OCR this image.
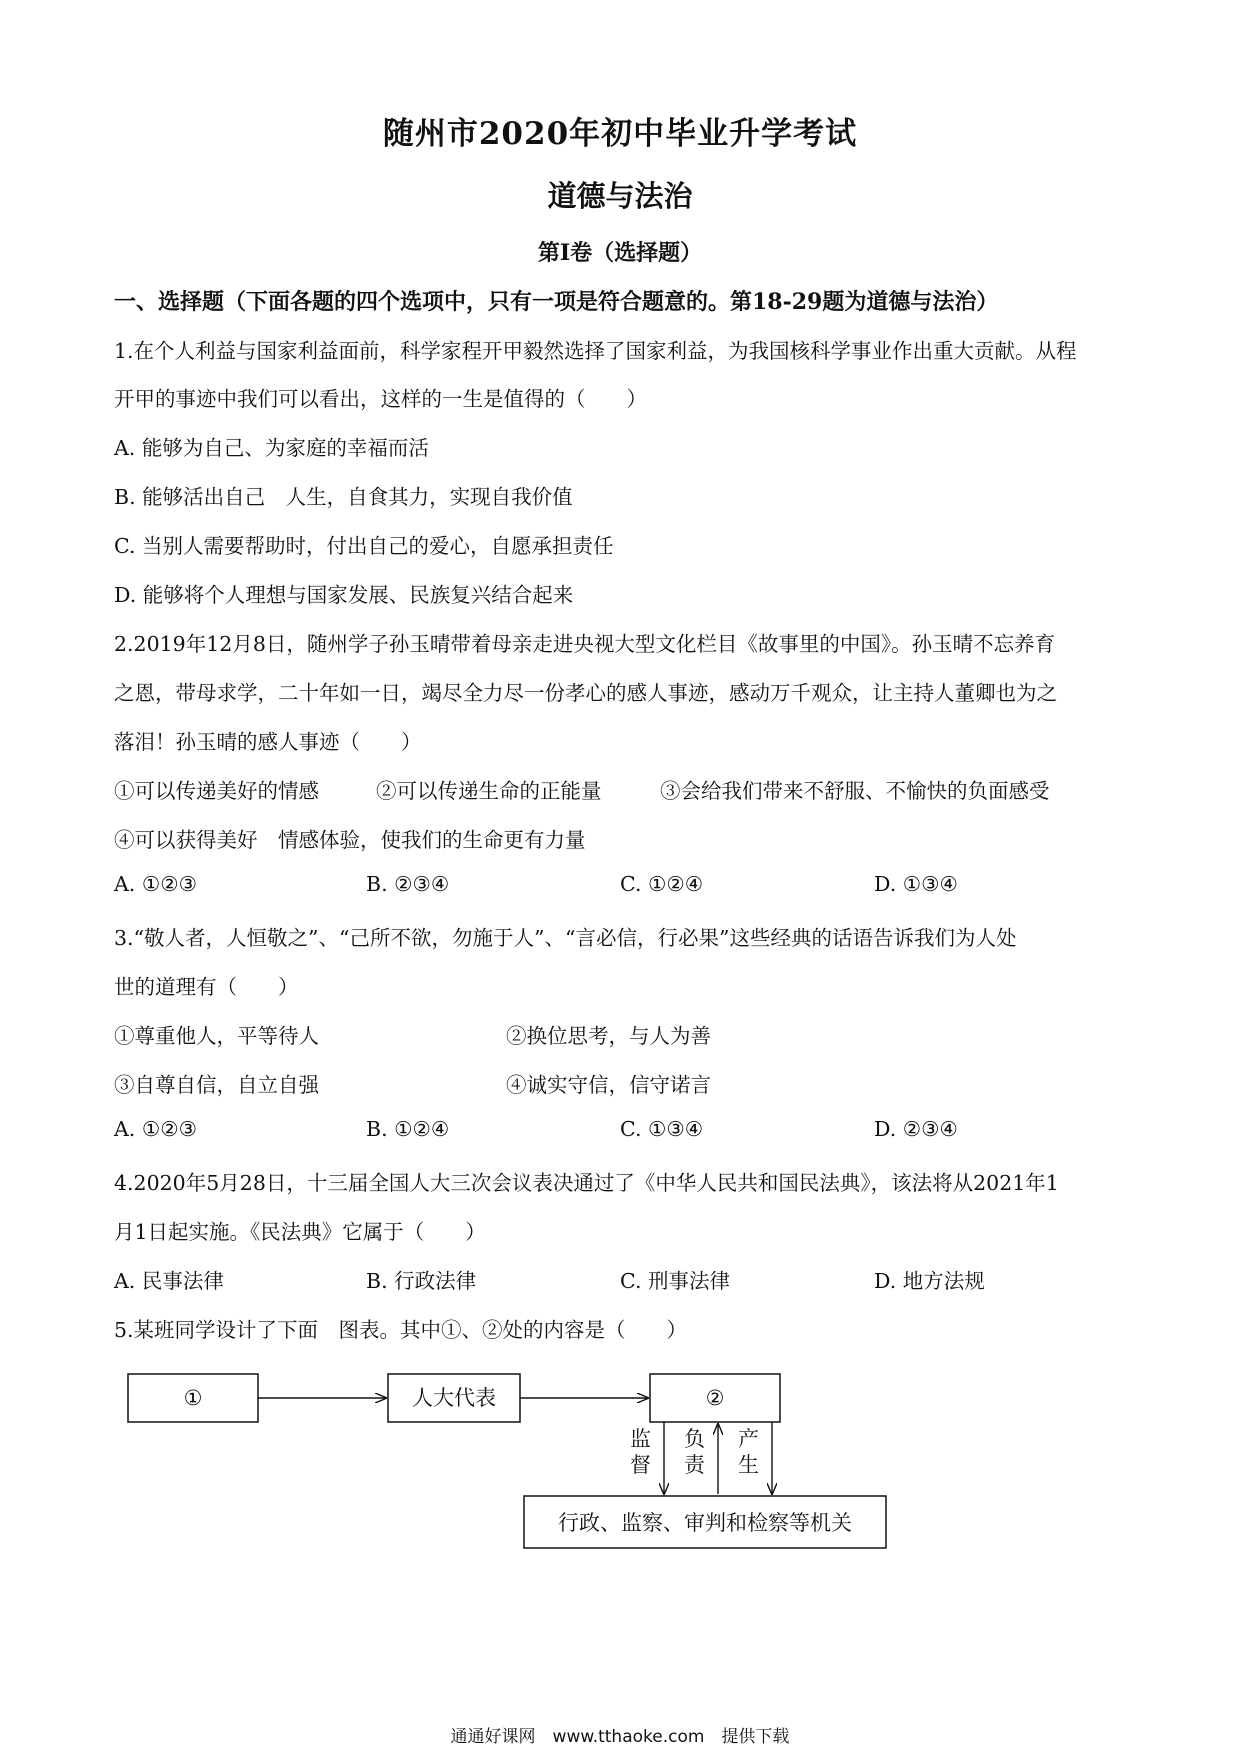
随州市2020年初中毕业升学考试
道德与法治
第Ⅰ卷（选择题）
一、选择题（下面各题的四个选项中，只有一项是符合题意的。第18-29题为道德与法治）
1.在个人利益与国家利益面前，科学家程开甲毅然选择了国家利益，为我国核科学事业作出重大贡献。从程
开甲的事迹中我们可以看出，这样的一生是值得的（　　）
A. 能够为自己、为家庭的幸福而活
B. 能够活出自己　人生，自食其力，实现自我价值
C. 当别人需要帮助时，付出自己的爱心，自愿承担责任
D. 能够将个人理想与国家发展、民族复兴结合起来
2.2019年12月8日，随州学子孙玉晴带着母亲走进央视大型文化栏目《故事里的中国》。孙玉晴不忘养育
之恩，带母求学，二十年如一日，竭尽全力尽一份孝心的感人事迹，感动万千观众，让主持人董卿也为之
落泪！孙玉晴的感人事迹（　　）
①可以传递美好的情感	②可以传递生命的正能量	③会给我们带来不舒服、不愉快的负面感受
④可以获得美好　情感体验，使我们的生命更有力量
A. ①②③	B. ②③④	C. ①②④	D. ①③④
3.“敬人者，人恒敬之”、“己所不欲，勿施于人”、“言必信，行必果”这些经典的话语告诉我们为人处
世的道理有（　　）
①尊重他人，平等待人	②换位思考，与人为善
③自尊自信，自立自强	④诚实守信，信守诺言
A. ①②③	B. ①②④	C. ①③④	D. ②③④
4.2020年5月28日，十三届全国人大三次会议表决通过了《中华人民共和国民法典》，该法将从2021年1
月1日起实施。《民法典》它属于（　　）
A. 民事法律	B. 行政法律	C. 刑事法律	D. 地方法规
5.某班同学设计了下面　图表。其中①、②处的内容是（　　）
①	人大代表	②
监
督
负
责
产
生
行政、监察、审判和检察等机关
通通好课网　www.tthaoke.com　提供下载
